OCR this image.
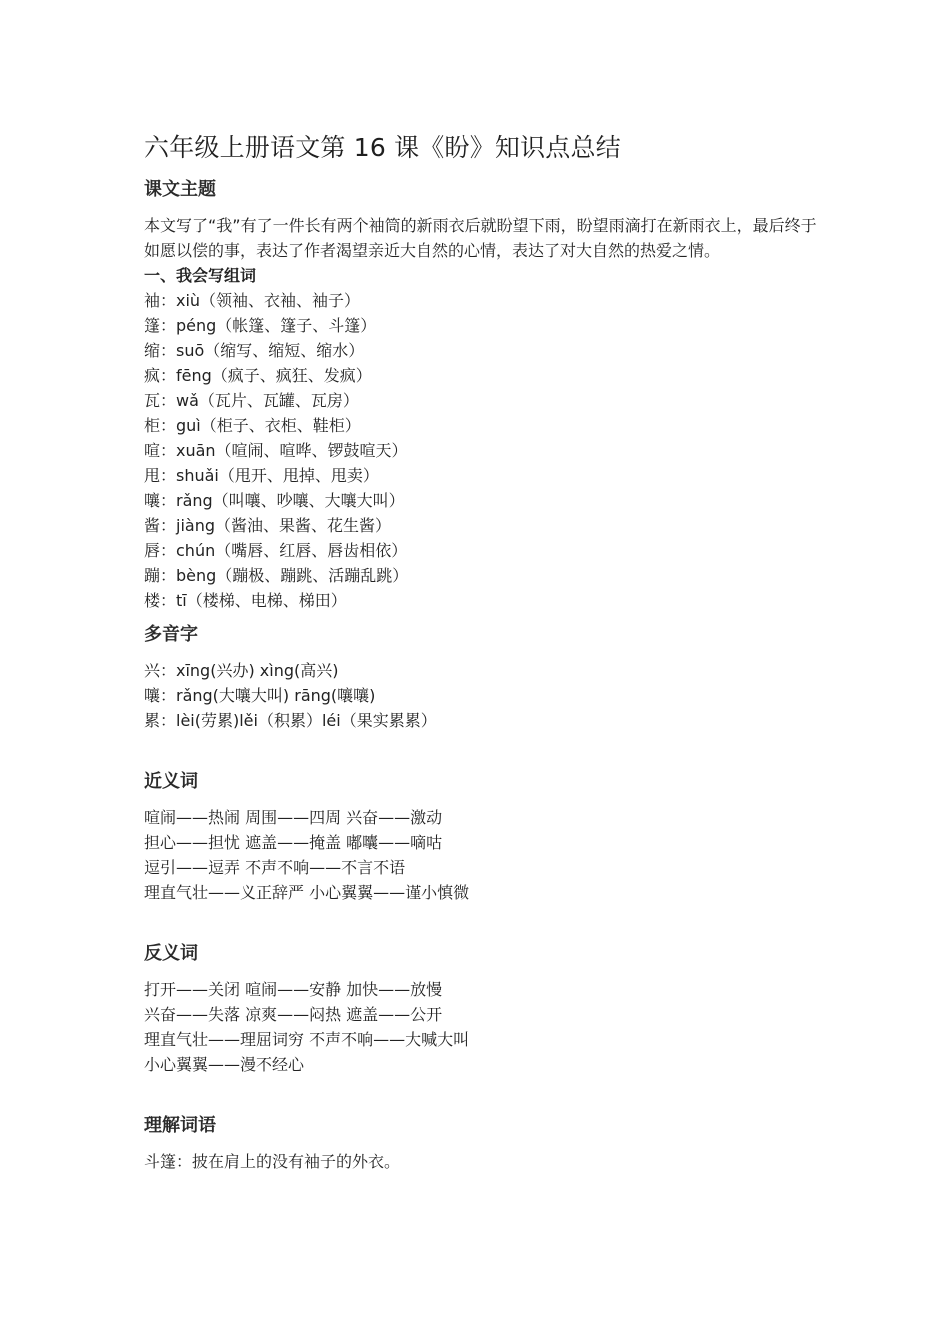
六年级上册语文第 16 课《盼》知识点总结
课文主题

本文写了“我”有了一件长有两个袖筒的新雨衣后就盼望下雨，盼望雨滴打在新雨衣上，最后终于如愿以偿的事，表达了作者渴望亲近大自然的心情，表达了对大自然的热爱之情。

一、我会写组词
袖：xiù（领袖、衣袖、袖子）
篷：péng（帐篷、篷子、斗篷）
缩：suō（缩写、缩短、缩水）
疯：fēng（疯子、疯狂、发疯）
瓦：wǎ（瓦片、瓦罐、瓦房）
柜：guì（柜子、衣柜、鞋柜）
喧：xuān（喧闹、喧哗、锣鼓喧天）
甩：shuǎi（甩开、甩掉、甩卖）
嚷：rǎng（叫嚷、吵嚷、大嚷大叫）
酱：jiàng（酱油、果酱、花生酱）
唇：chún（嘴唇、红唇、唇齿相依）
蹦：bèng（蹦极、蹦跳、活蹦乱跳）
楼：tī（楼梯、电梯、梯田）
多音字
兴：xīng(兴办) xìng(高兴)
嚷：rǎng(大嚷大叫) rāng(嚷嚷)
累：lèi(劳累)lěi（积累）léi（果实累累）
近义词
喧闹——热闹 周围——四周 兴奋——激动
担心——担忧 遮盖——掩盖 嘟囔——嘀咕
逗引——逗弄 不声不响——不言不语
理直气壮——义正辞严 小心翼翼——谨小慎微
反义词
打开——关闭 喧闹——安静 加快——放慢
兴奋——失落 凉爽——闷热 遮盖——公开
理直气壮——理屈词穷 不声不响——大喊大叫
小心翼翼——漫不经心
理解词语
斗篷：披在肩上的没有袖子的外衣。
